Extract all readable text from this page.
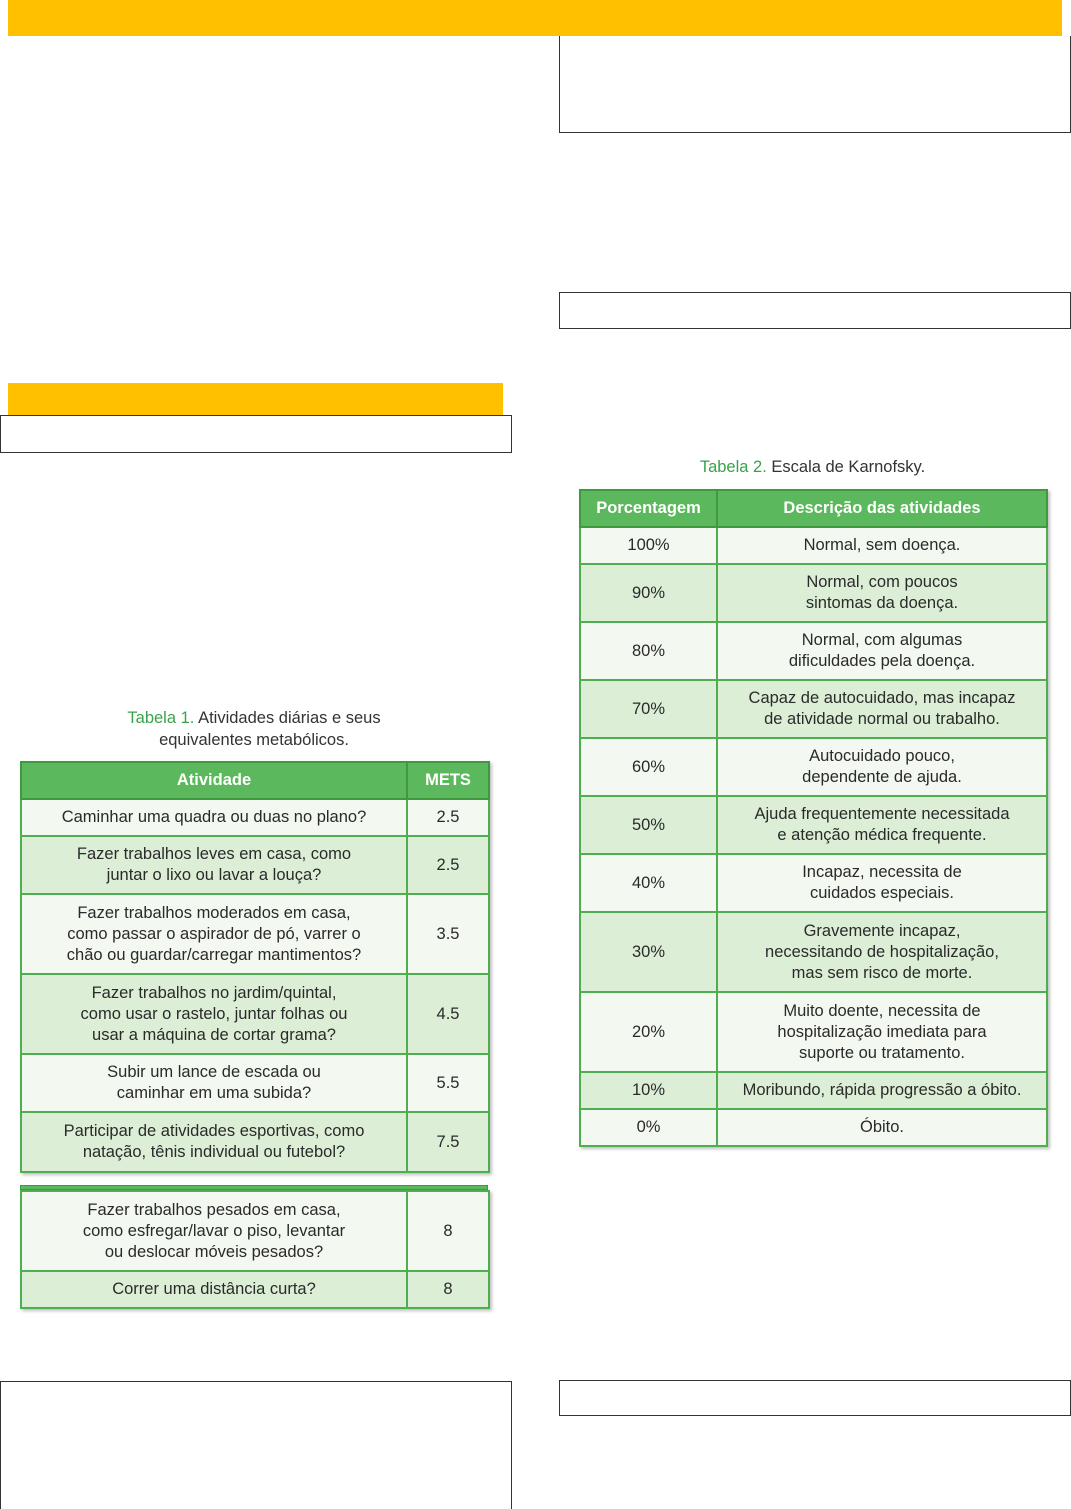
Tabela 1. Atividades diárias e seus
equivalentes metabólicos.
Atividade	METS

Caminhar uma quadra ou duas no plano?	2.5

Fazer trabalhos leves em casa, como
juntar o lixo ou lavar a louça?	2.5

Fazer trabalhos moderados em casa,
como passar o aspirador de pó, varrer o
chão ou guardar/carregar mantimentos?	3.5

Fazer trabalhos no jardim/quintal,
como usar o rastelo, juntar folhas ou
usar a máquina de cortar grama?	4.5

Subir um lance de escada ou
caminhar em uma subida?	5.5

Participar de atividades esportivas, como
natação, tênis individual ou futebol?	7.5
Fazer trabalhos pesados em casa,
como esfregar/lavar o piso, levantar
ou deslocar móveis pesados?	8

Correr uma distância curta?	8
Tabela 2. Escala de Karnofsky.
Porcentagem	Descrição das atividades
100%	Normal, sem doença.

90%	Normal, com poucos
sintomas da doença.

80%	Normal, com algumas
dificuldades pela doença.

70%	Capaz de autocuidado, mas incapaz
de atividade normal ou trabalho.

60%	Autocuidado pouco,
dependente de ajuda.

50%	Ajuda frequentemente necessitada
e atenção médica frequente.

40%	Incapaz, necessita de
cuidados especiais.

30%	Gravemente incapaz,
necessitando de hospitalização,
mas sem risco de morte.

20%	Muito doente, necessita de
hospitalização imediata para
suporte ou tratamento.

10%	Moribundo, rápida progressão a óbito.

0%	Óbito.
